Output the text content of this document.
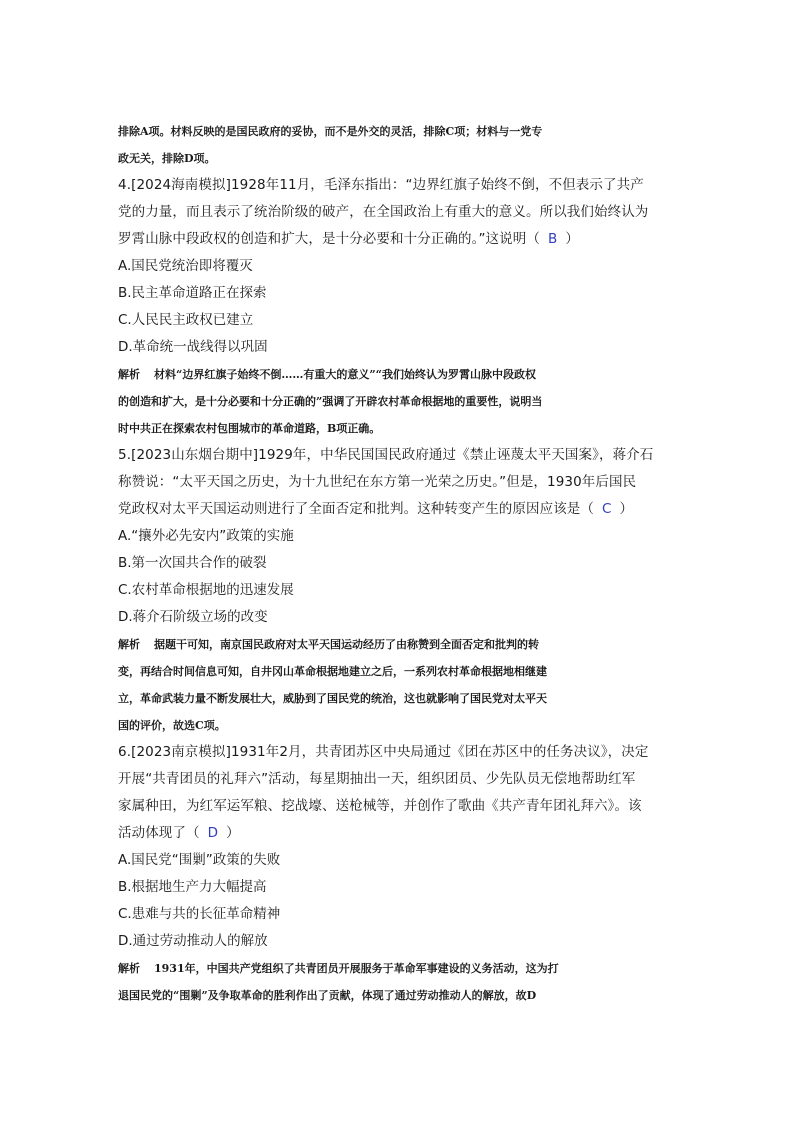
排除A项。材料反映的是国民政府的妥协，而不是外交的灵活，排除C项；材料与一党专
政无关，排除D项。
4.[2024海南模拟]1928年11月，毛泽东指出：“边界红旗子始终不倒，不但表示了共产
党的力量，而且表示了统治阶级的破产，在全国政治上有重大的意义。所以我们始终认为
罗霄山脉中段政权的创造和扩大，是十分必要和十分正确的。”这说明（ B ）
A.国民党统治即将覆灭
B.民主革命道路正在探索
C.人民民主政权已建立
D.革命统一战线得以巩固
解析 材料“边界红旗子始终不倒……有重大的意义”“我们始终认为罗霄山脉中段政权
的创造和扩大，是十分必要和十分正确的”强调了开辟农村革命根据地的重要性，说明当
时中共正在探索农村包围城市的革命道路，B项正确。
5.[2023山东烟台期中]1929年，中华民国国民政府通过《禁止诬蔑太平天国案》，蒋介石
称赞说：“太平天国之历史，为十九世纪在东方第一光荣之历史。”但是，1930年后国民
党政权对太平天国运动则进行了全面否定和批判。这种转变产生的原因应该是（ C ）
A.“攘外必先安内”政策的实施
B.第一次国共合作的破裂
C.农村革命根据地的迅速发展
D.蒋介石阶级立场的改变
解析 据题干可知，南京国民政府对太平天国运动经历了由称赞到全面否定和批判的转
变，再结合时间信息可知，自井冈山革命根据地建立之后，一系列农村革命根据地相继建
立，革命武装力量不断发展壮大，威胁到了国民党的统治，这也就影响了国民党对太平天
国的评价，故选C项。
6.[2023南京模拟]1931年2月，共青团苏区中央局通过《团在苏区中的任务决议》，决定
开展“共青团员的礼拜六”活动，每星期抽出一天，组织团员、少先队员无偿地帮助红军
家属种田，为红军运军粮、挖战壕、送枪械等，并创作了歌曲《共产青年团礼拜六》。该
活动体现了（ D ）
A.国民党“围剿”政策的失败
B.根据地生产力大幅提高
C.患难与共的长征革命精神
D.通过劳动推动人的解放
解析 1931年，中国共产党组织了共青团员开展服务于革命军事建设的义务活动，这为打
退国民党的“围剿”及争取革命的胜利作出了贡献，体现了通过劳动推动人的解放，故D
